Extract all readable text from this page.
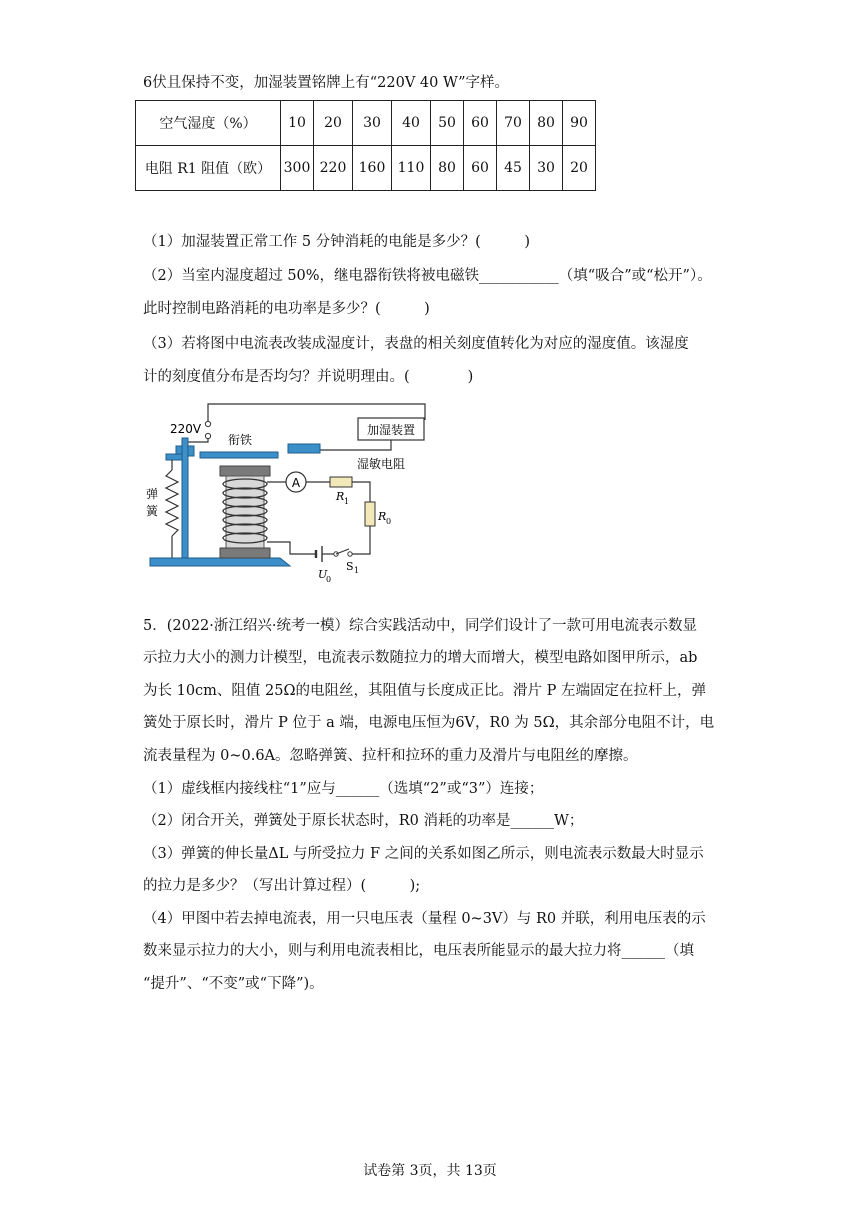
6伏且保持不变，加湿装置铭牌上有“220V 40 W”字样。
空气湿度（%）	10	20	30	40	50	60	70	80	90
电阻 R1 阻值（欧）	300	220	160	110	80	60	45	30	20
（1）加湿装置正常工作 5 分钟消耗的电能是多少？(　　　)
（2）当室内湿度超过 50%，继电器衔铁将被电磁铁___________（填“吸合”或“松开”）。
此时控制电路消耗的电功率是多少？(　　　)
（3）若将图中电流表改装成湿度计，表盘的相关刻度值转化为对应的湿度值。该湿度
计的刻度值分布是否均匀？并说明理由。(　　　　)
加湿装置
220V
衔铁
弹
簧
A
湿敏电阻
R 1
R 0
S 1
U
0
5．(2022·浙江绍兴·统考一模）综合实践活动中，同学们设计了一款可用电流表示数显
示拉力大小的测力计模型，电流表示数随拉力的增大而增大，模型电路如图甲所示，ab
为长 10cm、阻值 25Ω的电阻丝，其阻值与长度成正比。滑片 P 左端固定在拉杆上，弹
簧处于原长时，滑片 P 位于 a 端，电源电压恒为6V，R0 为 5Ω，其余部分电阻不计，电
流表量程为 0~0.6A。忽略弹簧、拉杆和拉环的重力及滑片与电阻丝的摩擦。
（1）虚线框内接线柱“1”应与______（选填“2”或“3”）连接；
（2）闭合开关，弹簧处于原长状态时，R0 消耗的功率是______W；
（3）弹簧的伸长量ΔL 与所受拉力 F 之间的关系如图乙所示，则电流表示数最大时显示
的拉力是多少？（写出计算过程）(　　　);
（4）甲图中若去掉电流表，用一只电压表（量程 0~3V）与 R0 并联，利用电压表的示
数来显示拉力的大小，则与利用电流表相比，电压表所能显示的最大拉力将______（填
“提升”、“不变”或“下降”)。
试卷第 3页，共 13页
